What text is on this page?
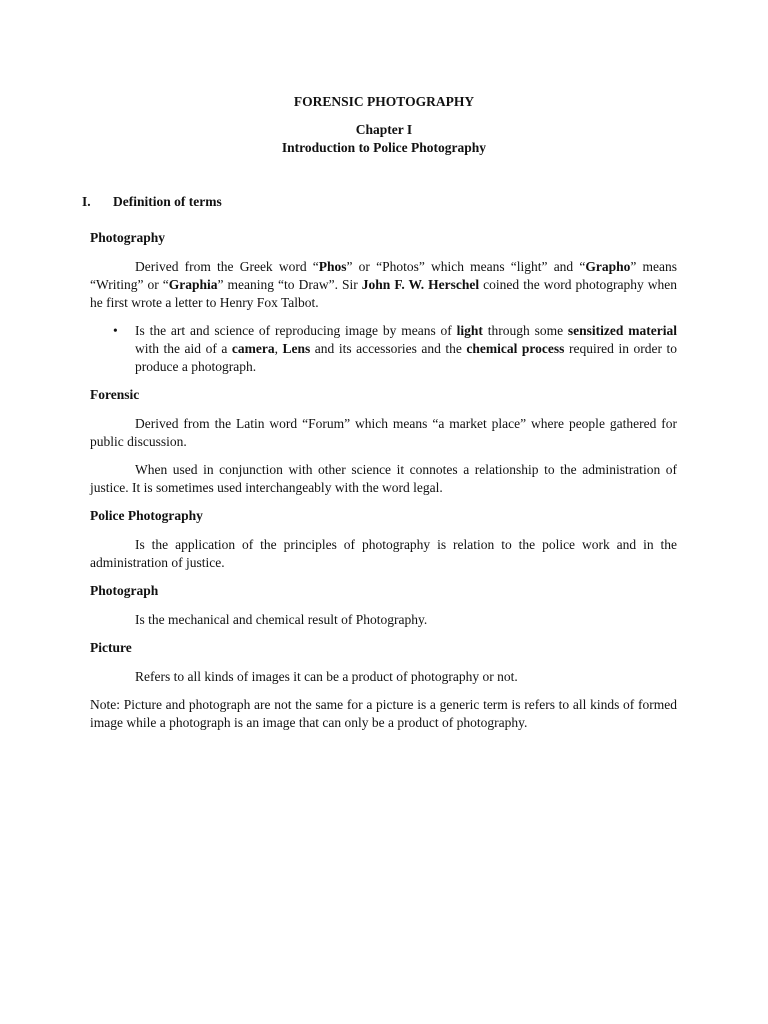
FORENSIC PHOTOGRAPHY
Chapter I
Introduction to Police Photography
I. Definition of terms
Photography

Derived from the Greek word “Phos” or “Photos” which means “light” and “Grapho” means “Writing” or “Graphia” meaning “to Draw”. Sir John F. W. Herschel coined the word photography when he first wrote a letter to Henry Fox Talbot.

• Is the art and science of reproducing image by means of light through some sensitized material with the aid of a camera, Lens and its accessories and the chemical process required in order to produce a photograph.
Forensic

Derived from the Latin word “Forum” which means “a market place” where people gathered for public discussion.

When used in conjunction with other science it connotes a relationship to the administration of justice. It is sometimes used interchangeably with the word legal.

Police Photography

Is the application of the principles of photography is relation to the police work and in the administration of justice.

Photograph

Is the mechanical and chemical result of Photography.

Picture

Refers to all kinds of images it can be a product of photography or not.

Note: Picture and photograph are not the same for a picture is a generic term is refers to all kinds of formed image while a photograph is an image that can only be a product of photography.
